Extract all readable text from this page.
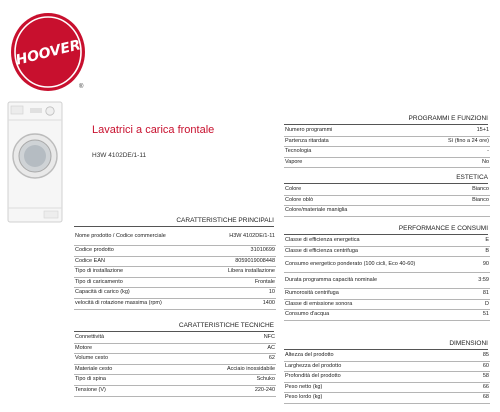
HOOVER
®
Lavatrici a carica frontale
H3W 4102DE/1-11
CARATTERISTICHE PRINCIPALI
Nome prodotto / Codice commerciale	H3W 4102DE/1-11
Codice prodotto	31010699
Codice EAN	8059019008448
Tipo di installazione	Libera installazione
Tipo di caricamento	Frontale
Capacità di carico (kg)	10
velocità di rotazione massima (rpm)	1400
CARATTERISTICHE TECNICHE
Connettività	NFC
Motore	AC
Volume cesto	62
Materiale cesto	Acciaio inossidabile
Tipo di spina	Schuko
Tensione (V)	220-240
PROGRAMMI E FUNZIONI
Numero programmi	15+1
Partenza ritardata	Sì (fino a 24 ore)
Tecnologia	-
Vapore	No
ESTETICA
Colore	Bianco
Colore oblò	Bianco
Colore/materiale maniglia	
PERFORMANCE E CONSUMI
Classe di efficienza energetica	E
Classe di efficienza centrifuga	B
Consumo energetico ponderato (100 cicli, Eco 40-60)	90
Durata programma capacità nominale	3:59
Rumorosità centrifuga	81
Classe di emissione sonora	D
Consumo d'acqua	51
DIMENSIONI
Altezza del prodotto	85
Larghezza del prodotto	60
Profondità del prodotto	58
Peso netto (kg)	66
Peso lordo (kg)	68
